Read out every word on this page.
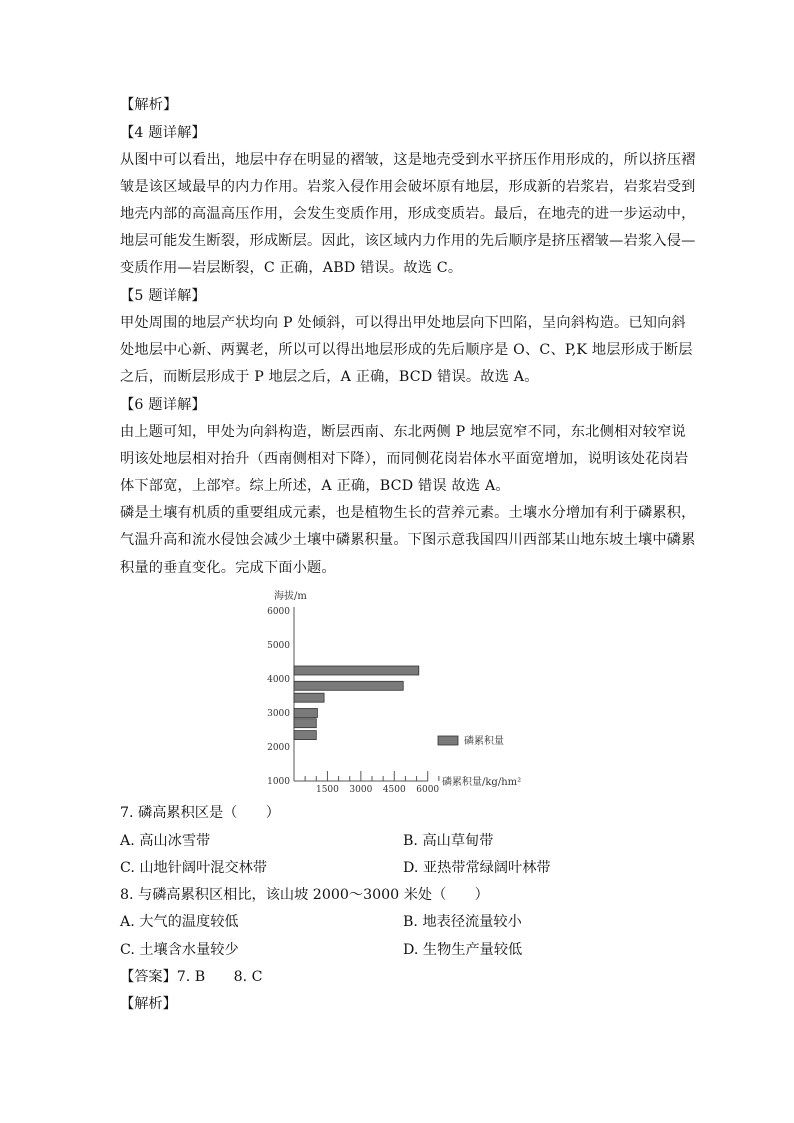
【解析】
【4 题详解】
从图中可以看出，地层中存在明显的褶皱，这是地壳受到水平挤压作用形成的，所以挤压褶
皱是该区域最早的内力作用。岩浆入侵作用会破坏原有地层，形成新的岩浆岩，岩浆岩受到
地壳内部的高温高压作用，会发生变质作用，形成变质岩。最后，在地壳的进一步运动中，
地层可能发生断裂，形成断层。因此，该区域内力作用的先后顺序是挤压褶皱—岩浆入侵—
变质作用—岩层断裂，C 正确，ABD 错误。故选 C。
【5 题详解】
甲处周围的地层产状均向 P 处倾斜，可以得出甲处地层向下凹陷，呈向斜构造。已知向斜
处地层中心新、两翼老，所以可以得出地层形成的先后顺序是 O、C、P,K 地层形成于断层
之后，而断层形成于 P 地层之后，A 正确，BCD 错误。故选 A。
【6 题详解】
由上题可知，甲处为向斜构造，断层西南、东北两侧 P 地层宽窄不同，东北侧相对较窄说
明该处地层相对抬升（西南侧相对下降），而同侧花岗岩体水平面宽增加，说明该处花岗岩
体下部宽，上部窄。综上所述，A 正确，BCD 错误 故选 A。
磷是土壤有机质的重要组成元素，也是植物生长的营养元素。土壤水分增加有利于磷累积，
气温升高和流水侵蚀会减少土壤中磷累积量。下图示意我国四川西部某山地东坡土壤中磷累
积量的垂直变化。完成下面小题。
海拔/m
1000
2000
3000
4000
5000
6000
1500 3000 4500 6000
磷累积量
磷累积量/kg/hm²
7. 磷高累积区是（　　）
A. 高山冰雪带	B. 高山草甸带
C. 山地针阔叶混交林带	D. 亚热带常绿阔叶林带
8. 与磷高累积区相比，该山坡 2000～3000 米处（　　）
A. 大气的温度较低	B. 地表径流量较小
C. 土壤含水量较少	D. 生物生产量较低
【答案】7. B　　8. C
【解析】
